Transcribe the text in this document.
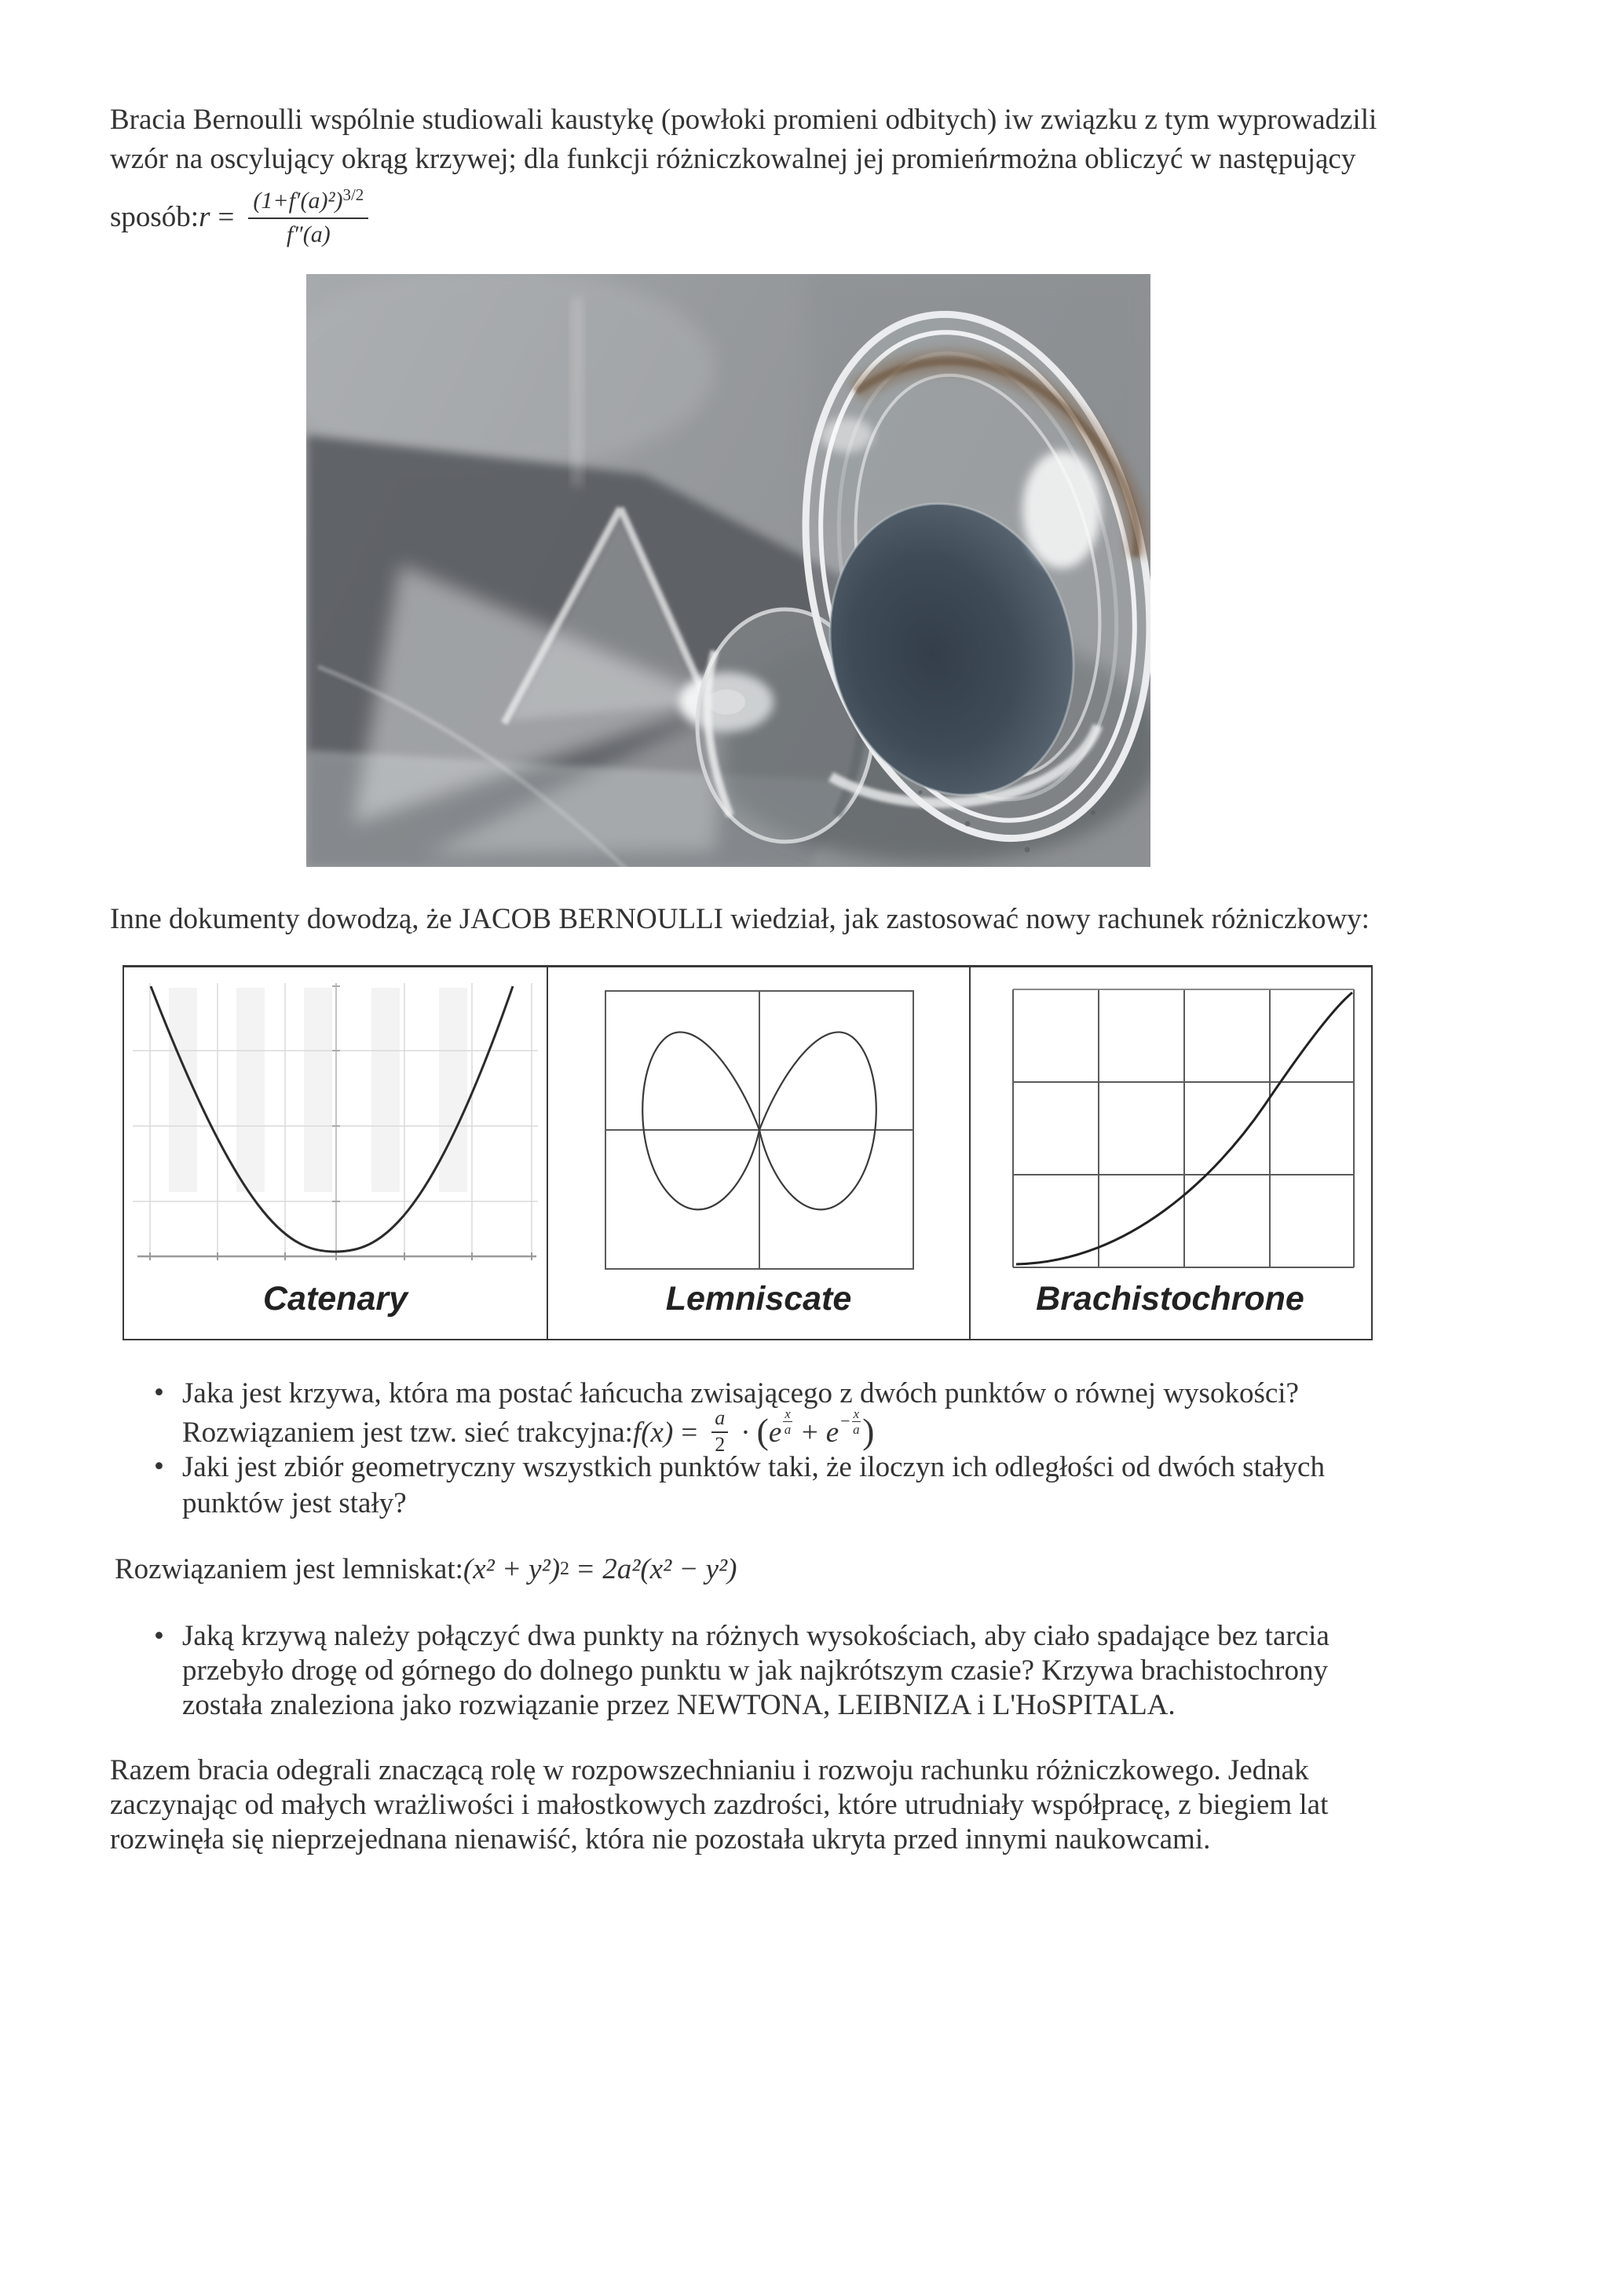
Bracia Bernoulli wspólnie studiowali kaustykę (powłoki promieni odbitych) iw związku z tym wyprowadzili
wzór na oscylujący okrąg krzywej; dla funkcji różniczkowalnej jej promieńrmożna obliczyć w następujący
sposób: $r = \frac{(1+f'(a)^2)^{3/2}}{f''(a)}$
Inne dokumenty dowodzą, że JACOB BERNOULLI wiedział, jak zastosować nowy rachunek różniczkowy:
Catenary	Lemniscate	Brachistochrone
• Jaka jest krzywa, która ma postać łańcucha zwisającego z dwóch punktów o równej wysokości?
Rozwiązaniem jest tzw. sieć trakcyjna: $f(x) = \frac{a}{2}$ · ( e $\frac{x}{a} + e - \frac{x}{a}$ )
• Jaki jest zbiór geometryczny wszystkich punktów taki, że iloczyn ich odległości od dwóch stałych
punktów jest stały?
Rozwiązaniem jest lemniskat: (x² + y²) 2 = 2a²(x² − y²)
• Jaką krzywą należy połączyć dwa punkty na różnych wysokościach, aby ciało spadające bez tarcia
przebyło drogę od górnego do dolnego punktu w jak najkrótszym czasie? Krzywa brachistochrony
została znaleziona jako rozwiązanie przez NEWTONA, LEIBNIZA i L'HoSPITALA.
Razem bracia odegrali znaczącą rolę w rozpowszechnianiu i rozwoju rachunku różniczkowego. Jednak
zaczynając od małych wrażliwości i małostkowych zazdrości, które utrudniały współpracę, z biegiem lat
rozwinęła się nieprzejednana nienawiść, która nie pozostała ukryta przed innymi naukowcami.
